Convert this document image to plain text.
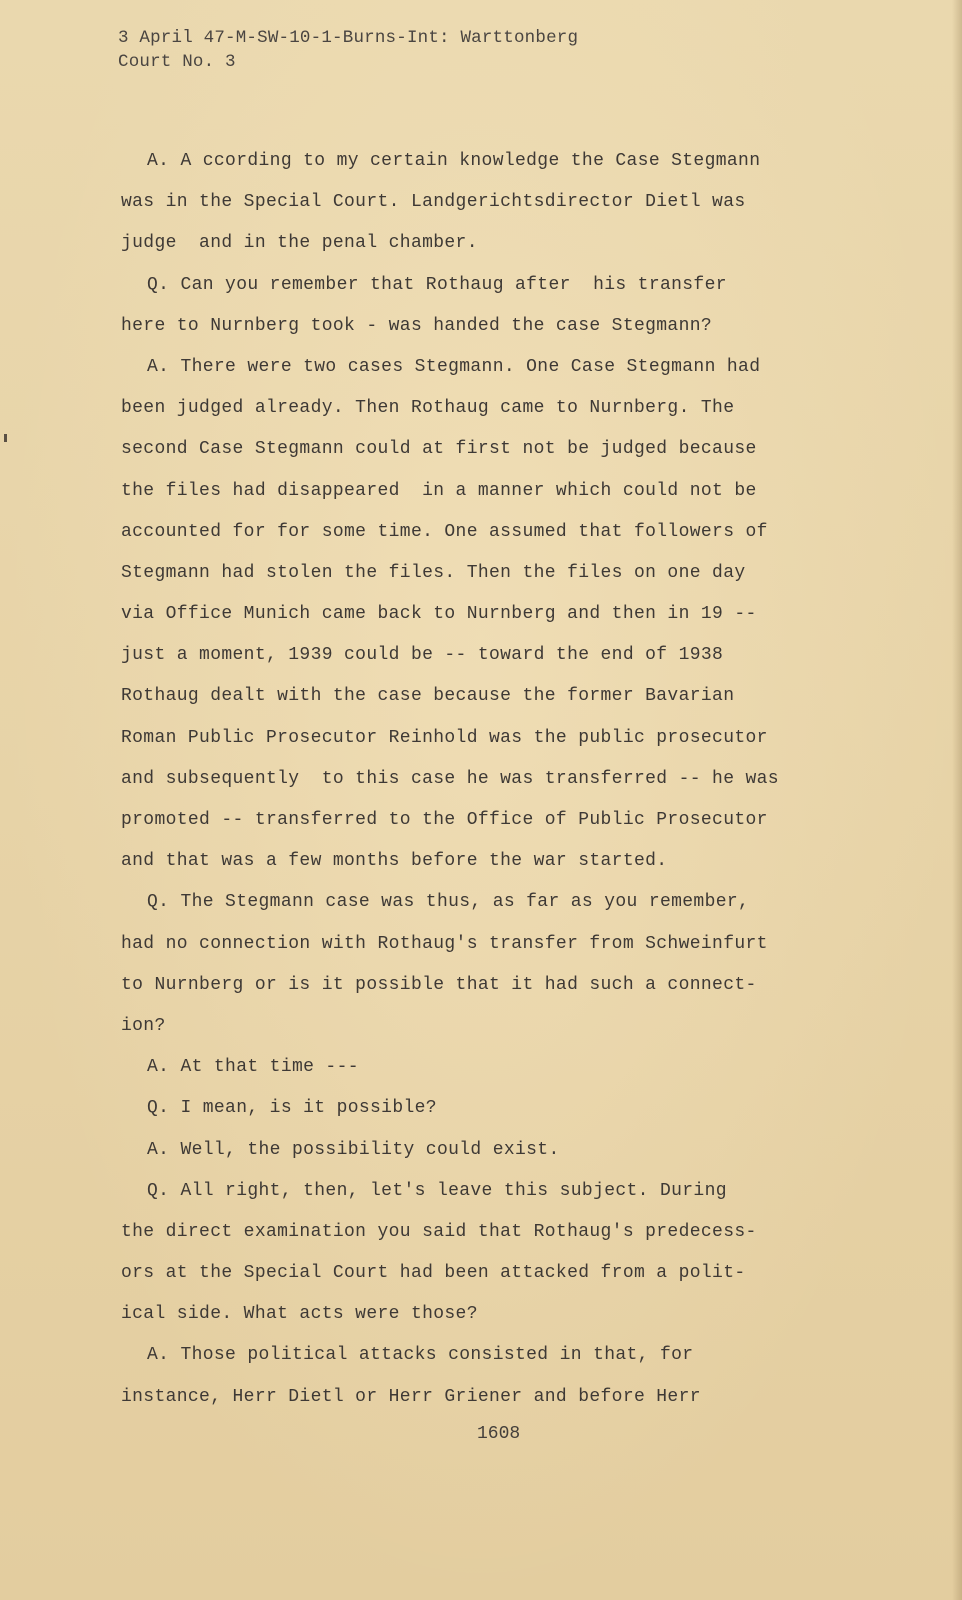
3 April 47-M-SW-10-1-Burns-Int: Warttonberg
Court No. 3
A. A ccording to my certain knowledge the Case Stegmann
was in the Special Court. Landgerichtsdirector Dietl was
judge  and in the penal chamber.
Q. Can you remember that Rothaug after  his transfer
here to Nurnberg took - was handed the case Stegmann?
A. There were two cases Stegmann. One Case Stegmann had
been judged already. Then Rothaug came to Nurnberg. The
second Case Stegmann could at first not be judged because
the files had disappeared  in a manner which could not be
accounted for for some time. One assumed that followers of
Stegmann had stolen the files. Then the files on one day
via Office Munich came back to Nurnberg and then in 19 --
just a moment, 1939 could be -- toward the end of 1938
Rothaug dealt with the case because the former Bavarian
Roman Public Prosecutor Reinhold was the public prosecutor
and subsequently  to this case he was transferred -- he was
promoted -- transferred to the Office of Public Prosecutor
and that was a few months before the war started.
Q. The Stegmann case was thus, as far as you remember,
had no connection with Rothaug's transfer from Schweinfurt
to Nurnberg or is it possible that it had such a connect-
ion?
A. At that time ---
Q. I mean, is it possible?
A. Well, the possibility could exist.
Q. All right, then, let's leave this subject. During
the direct examination you said that Rothaug's predecess-
ors at the Special Court had been attacked from a polit-
ical side. What acts were those?
A. Those political attacks consisted in that, for
instance, Herr Dietl or Herr Griener and before Herr
1608
